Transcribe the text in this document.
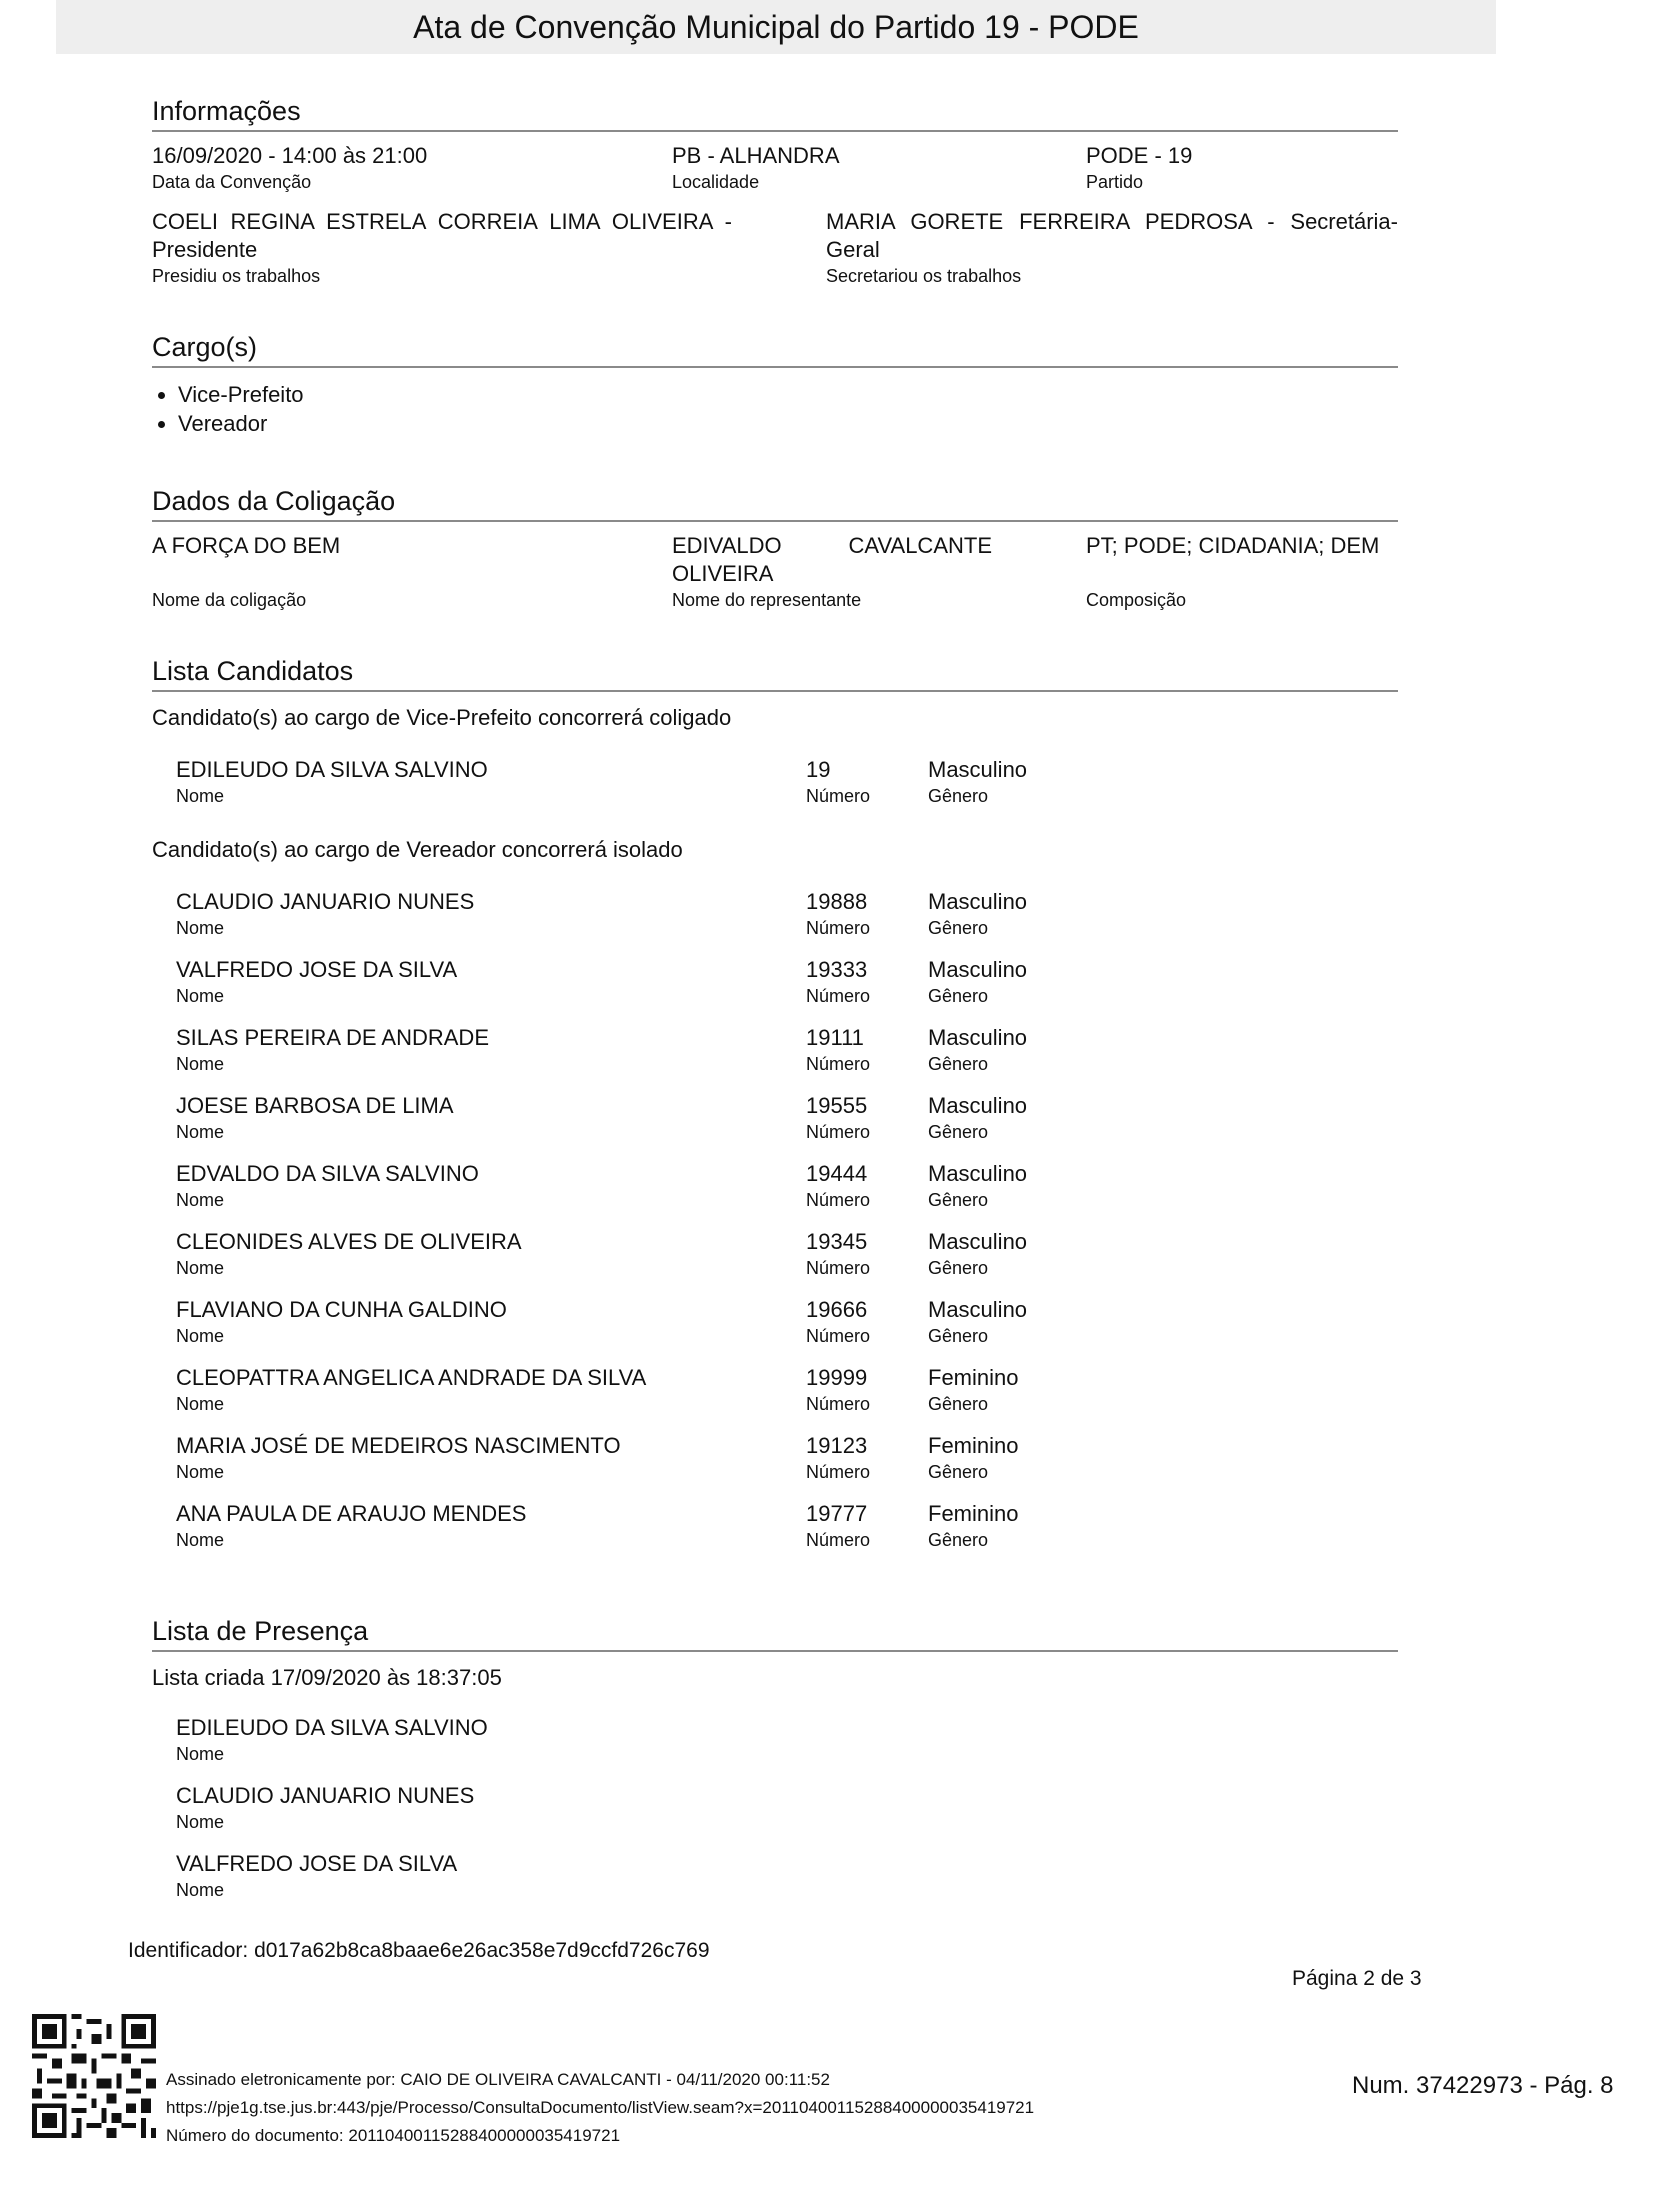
Ata de Convenção Municipal do Partido 19 - PODE
Informações
16/09/2020 - 14:00 às 21:00
Data da Convenção
PB - ALHANDRA
Localidade
PODE - 19
Partido
COELI REGINA ESTRELA CORREIA LIMA OLIVEIRA - Presidente
Presidiu os trabalhos
MARIA GORETE FERREIRA PEDROSA - Secretária-Geral
Secretariou os trabalhos
Cargo(s)
• Vice-Prefeito
• Vereador
Dados da Coligação
A FORÇA DO BEM
Nome da coligação
EDIVALDO CAVALCANTE OLIVEIRA
Nome do representante
PT; PODE; CIDADANIA; DEM
Composição
Lista Candidatos
Candidato(s) ao cargo de Vice-Prefeito concorrerá coligado
EDILEUDO DA SILVA SALVINO
Nome
19
Número
Masculino
Gênero
Candidato(s) ao cargo de Vereador concorrerá isolado
CLAUDIO JANUARIO NUNES
Nome
19888
Número
Masculino
Gênero
VALFREDO JOSE DA SILVA
Nome
19333
Número
Masculino
Gênero
SILAS PEREIRA DE ANDRADE
Nome
19111
Número
Masculino
Gênero
JOESE BARBOSA DE LIMA
Nome
19555
Número
Masculino
Gênero
EDVALDO DA SILVA SALVINO
Nome
19444
Número
Masculino
Gênero
CLEONIDES ALVES DE OLIVEIRA
Nome
19345
Número
Masculino
Gênero
FLAVIANO DA CUNHA GALDINO
Nome
19666
Número
Masculino
Gênero
CLEOPATTRA ANGELICA ANDRADE DA SILVA
Nome
19999
Número
Feminino
Gênero
MARIA JOSÉ DE MEDEIROS NASCIMENTO
Nome
19123
Número
Feminino
Gênero
ANA PAULA DE ARAUJO MENDES
Nome
19777
Número
Feminino
Gênero
Lista de Presença
Lista criada 17/09/2020 às 18:37:05
EDILEUDO DA SILVA SALVINO
Nome
CLAUDIO JANUARIO NUNES
Nome
VALFREDO JOSE DA SILVA
Nome
Identificador: d017a62b8ca8baae6e26ac358e7d9ccfd726c769
Página 2 de 3
Assinado eletronicamente por: CAIO DE OLIVEIRA CAVALCANTI - 04/11/2020 00:11:52
https://pje1g.tse.jus.br:443/pje/Processo/ConsultaDocumento/listView.seam?x=20110400115288400000035419721
Número do documento: 20110400115288400000035419721
Num. 37422973 - Pág. 8
